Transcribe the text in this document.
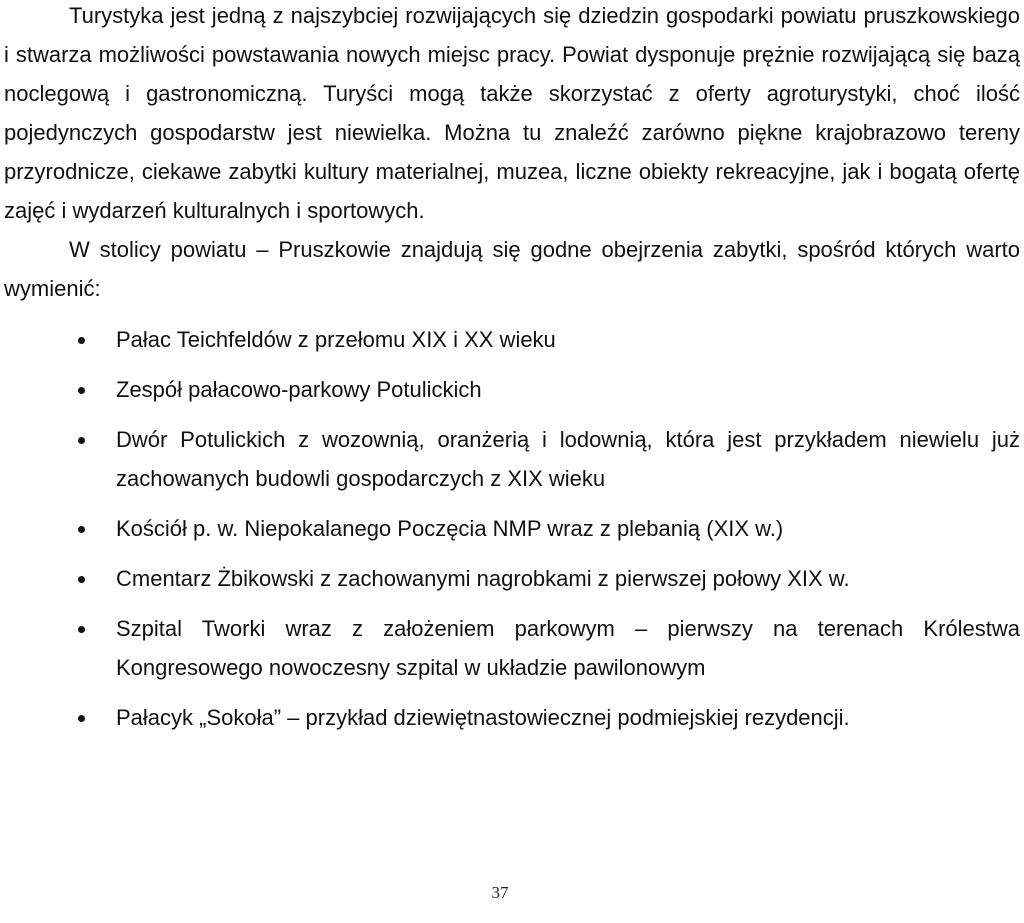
Turystyka jest jedną z najszybciej rozwijających się dziedzin gospodarki powiatu pruszkowskiego i stwarza możliwości powstawania nowych miejsc pracy. Powiat dysponuje prężnie rozwijającą się bazą noclegową i gastronomiczną. Turyści mogą także skorzystać z oferty agroturystyki, choć ilość pojedynczych gospodarstw jest niewielka. Można tu znaleźć zarówno piękne krajobrazowo tereny przyrodnicze, ciekawe zabytki kultury materialnej, muzea, liczne obiekty rekreacyjne, jak i bogatą ofertę zajęć i wydarzeń kulturalnych i sportowych.

W stolicy powiatu – Pruszkowie znajdują się godne obejrzenia zabytki, spośród których warto wymienić:

Pałac Teichfeldów z przełomu XIX i XX wieku
Zespół pałacowo-parkowy Potulickich
Dwór Potulickich z wozownią, oranżerią i lodownią, która jest przykładem niewielu już zachowanych budowli gospodarczych z XIX wieku
Kościół p. w. Niepokalanego Poczęcia NMP wraz z plebanią (XIX w.)
Cmentarz Żbikowski z zachowanymi nagrobkami z pierwszej połowy XIX w.
Szpital Tworki wraz z założeniem parkowym – pierwszy na terenach Królestwa Kongresowego nowoczesny szpital w układzie pawilonowym
Pałacyk „Sokoła” – przykład dziewiętnastowiecznej podmiejskiej rezydencji.
37
